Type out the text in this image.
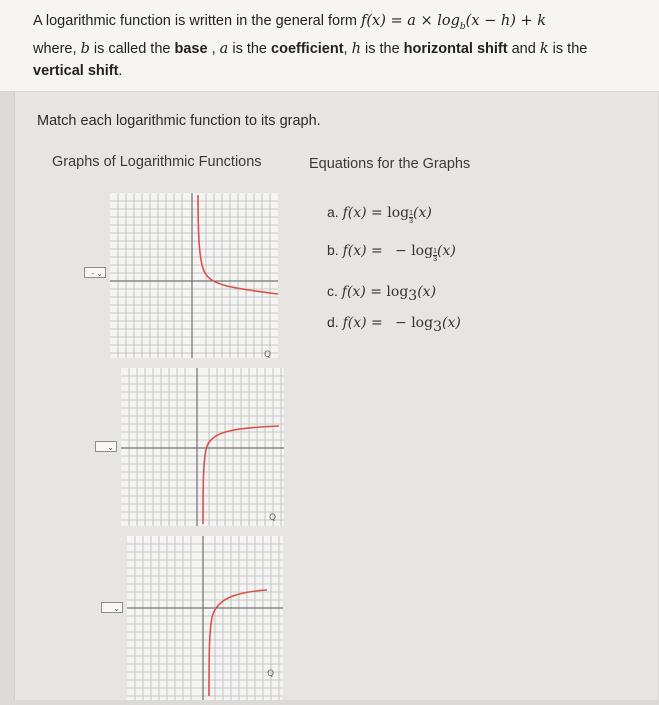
A logarithmic function is written in the general form $f(x) = a \times \log_b(x - h) + k$
where, b is called the base , a is the coefficient, h is the horizontal shift and k is the
vertical shift.
Match each logarithmic function to its graph.
Graphs of Logarithmic Functions	Equations for the Graphs
a. $f(x) = \log \frac{1}{3} (x)$
b. f(x) =   − $\log \frac{1}{3} (x)$
c. $f(x) = \log_3(x)$
d. f(x) =   − $\log_3(x)$
Q
- ⌄
Q
⌄
Q
⌄
